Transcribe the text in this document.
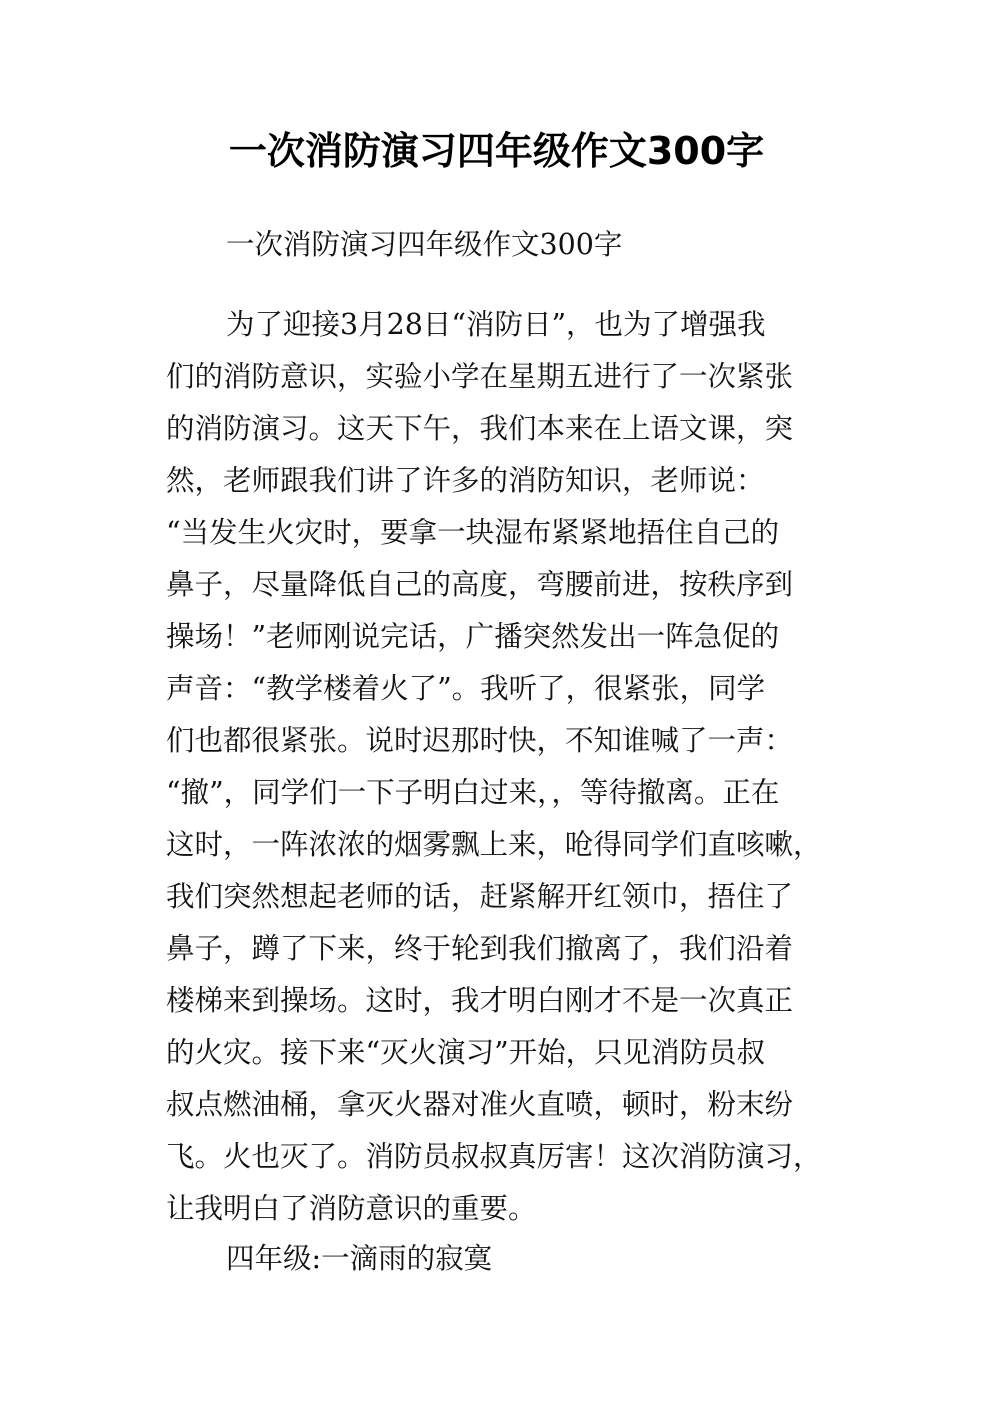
一次消防演习四年级作文300字
一次消防演习四年级作文300字
为了迎接3月28日“消防日”，也为了增强我
们的消防意识，实验小学在星期五进行了一次紧张
的消防演习。这天下午，我们本来在上语文课，突
然，老师跟我们讲了许多的消防知识，老师说：
“当发生火灾时，要拿一块湿布紧紧地捂住自己的
鼻子，尽量降低自己的高度，弯腰前进，按秩序到
操场！”老师刚说完话，广播突然发出一阵急促的
声音：“教学楼着火了”。我听了，很紧张，同学
们也都很紧张。说时迟那时快，不知谁喊了一声：
“撤”，同学们一下子明白过来，，等待撤离。正在
这时，一阵浓浓的烟雾飘上来，呛得同学们直咳嗽，
我们突然想起老师的话，赶紧解开红领巾，捂住了
鼻子，蹲了下来，终于轮到我们撤离了，我们沿着
楼梯来到操场。这时，我才明白刚才不是一次真正
的火灾。接下来“灭火演习”开始，只见消防员叔
叔点燃油桶，拿灭火器对准火直喷，顿时，粉末纷
飞。火也灭了。消防员叔叔真厉害！这次消防演习，
让我明白了消防意识的重要。
四年级:一滴雨的寂寞
